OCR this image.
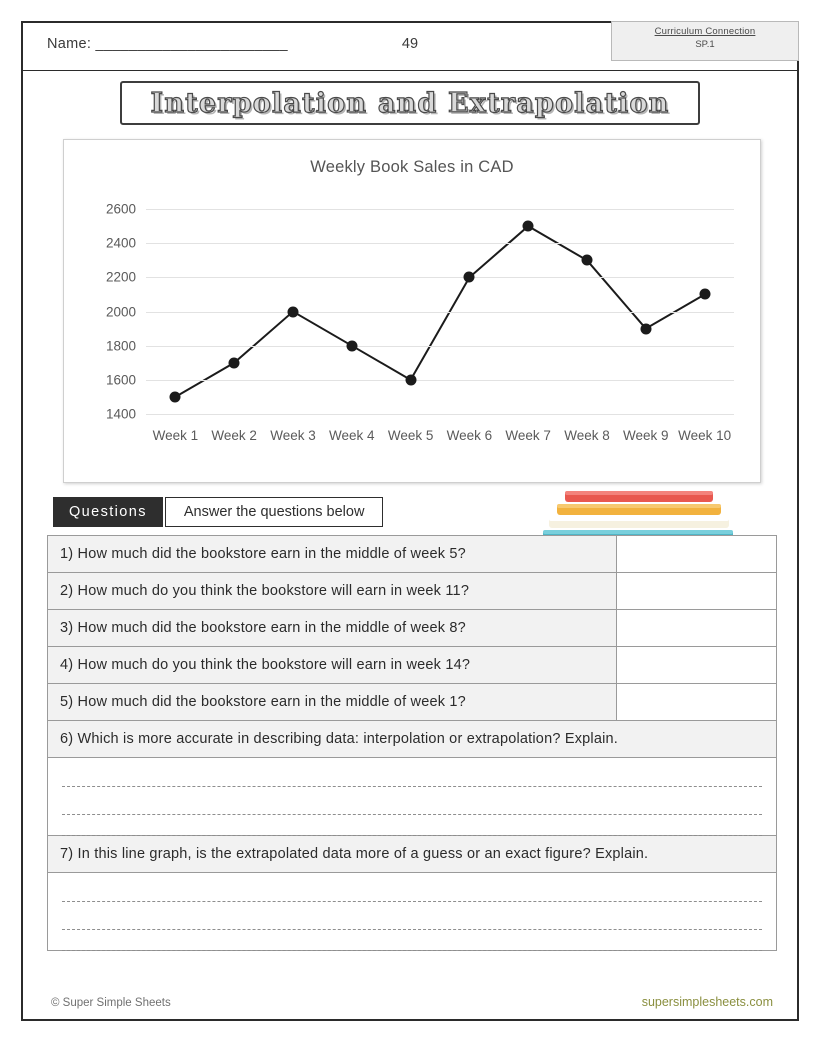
Name: _______________________	49
Curriculum Connection
SP.1
Interpolation and Extrapolation
Weekly Book Sales in CAD
1400
1600
1800
2000
2200
2400
2600
Week 1 Week 2 Week 3 Week 4 Week 5 Week 6 Week 7 Week 8 Week 9 Week 10
Questions	Answer the questions below
1) How much did the bookstore earn in the middle of week 5?	
2) How much do you think the bookstore will earn in week 11?	
3) How much did the bookstore earn in the middle of week 8?	
4) How much do you think the bookstore will earn in week 14?	
5) How much did the bookstore earn in the middle of week 1?	
6) Which is more accurate in describing data: interpolation or extrapolation? Explain.	

7) In this line graph, is the extrapolated data more of a guess or an exact figure? Explain.	

© Super Simple Sheets	supersimplesheets.com
